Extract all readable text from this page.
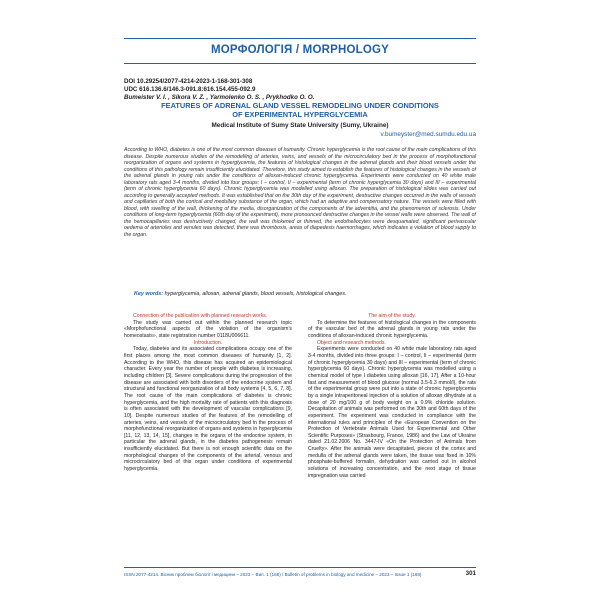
МОРФОЛОГІЯ / MORPHOLOGY
DOI 10.29254/2077-4214-2023-1-168-301-308
UDC 616.136.6/146.3-091.8:616.154.455-092.9
Bumeister V. I. , Sikora V. Z. , Yarmolenko O. S. , Prykhodko O. O.
FEATURES OF ADRENAL GLAND VESSEL REMODELING UNDER CONDITIONS
OF EXPERIMENTAL HYPERGLYCEMIA
Medical Institute of Sumy State University (Sumy, Ukraine)
v.bumeyster@med.sumdu.edu.ua
According to WHO, diabetes is one of the most common diseases of humanity. Chronic hyperglycemia is the root cause of the main complications of this disease. Despite numerous studies of the remodelling of arteries, veins, and vessels of the microcirculatory bed in the process of morphofunctional reorganization of organs and systems in hyperglycemia, the features of histological changes in the adrenal glands and their blood vessels under the conditions of this pathology remain insufficiently elucidated. Therefore, this study aimed to establish the features of histological changes in the vessels of the adrenal glands in young rats under the conditions of alloxan-induced chronic hyperglycemia. Experiments were conducted on 40 white male laboratory rats aged 3-4 months, divided into four groups: I – control, II – experimental (term of chronic hyperglycemia 30 days) and III – experimental (term of chronic hyperglycemia 60 days). Chronic hyperglycemia was modelled using alloxan. The preparation of histological slides was carried out according to generally accepted methods. It was established that on the 30th day of the experiment, destructive changes occurred in the walls of vessels and capillaries of both the cortical and medullary substance of the organ, which had an adaptive and compensatory nature. The vessels were filled with blood, with swelling of the wall, thickening of the media, disorganization of the components of the adventitia, and the phenomenon of sclerosis. Under conditions of long-term hyperglycemia (60th day of the experiment), more pronounced destructive changes in the vessel walls were observed. The wall of the hemocapillaries was destructively changed, the wall was thickened or thinned, the endotheliocytes were desquamated, significant perivascular oedema of arterioles and venules was detected, there was thrombosis, areas of diapedesis haemorrhages, which indicates a violation of blood supply to the organ.
Key words: hyperglycemia, alloxan, adrenal glands, blood vessels, histological changes.

Connection of the publication with planned research works.

The study was carried out within the planned research topic «Morphofunctional aspects of the violation of the organism's homeostasis», state registration number 0118U006611.

Introduction.

Today, diabetes and its associated complications occupy one of the first places among the most common diseases of humanity [1, 2]. According to the WHO, this disease has acquired an epidemiological character. Every year the number of people with diabetes is increasing, including children [3]. Severe complications during the progression of the disease are associated with both disorders of the endocrine system and structural and functional reorganization of all body systems [4, 5, 6, 7, 8]. The root cause of the main complications of diabetes is chronic hyperglycemia, and the high mortality rate of patients with this diagnosis is often associated with the development of vascular complications [9, 10]. Despite numerous studies of the features of the remodelling of arteries, veins, and vessels of the microcirculatory bed in the process of morphofunctional reorganization of organs and systems in hyperglycemia [11, 12, 13, 14, 15], changes in the organs of the endocrine system, in particular the adrenal glands, in the diabetes pathogenesis remain insufficiently elucidated. But there is not enough scientific data on the morphological changes of the components of the arterial, venous and microcirculatory bed of this organ under conditions of experimental hyperglycemia.

The aim of the study.

To determine the features of histological changes in the components of the vascular bed of the adrenal glands in young rats under the conditions of alloxan-induced chronic hyperglycemia.

Object and research methods.

Experiments were conducted on 40 white male laboratory rats aged 3-4 months, divided into three groups: I – control, II – experimental (term of chronic hyperglycemia 30 days) and III – experimental (term of chronic hyperglycemia 60 days). Chronic hyperglycemia was modelled using a chemical model of type I diabetes using alloxan [16, 17]. After a 10-hour fast and measurement of blood glucose (normal 3.5-6.3 mmol/l), the rats of the experimental group were put into a state of chronic hyperglycemia by a single intraperitoneal injection of a solution of alloxan dihydrate at a dose of 20 mg/100 g of body weight on a 0.9% chloride solution. Decapitation of animals was performed on the 30th and 60th days of the experiment. The experiment was conducted in compliance with the international rules and principles of the «European Convention on the Protection of Vertebrate Animals Used for Experimental and Other Scientific Purposes» (Strasbourg, France, 1986) and the Law of Ukraine dated 21.02.2006 No. 3447-IV «On the Protection of Animals from Cruelty». After the animals were decapitated, pieces of the cortex and medulla of the adrenal glands were taken, the tissue was fixed in 10% phosphate-buffered formalin, dehydration was carried out in alcohol solutions of increasing concentration, and the next stage of tissue impregnation was carried

ISSN 2077-4214. Вісник проблем біології і медицини – 2023 – Вип. 1 (168) / Bulletin of problems in biology and medicine – 2023 – Issue 1 (168)	301
